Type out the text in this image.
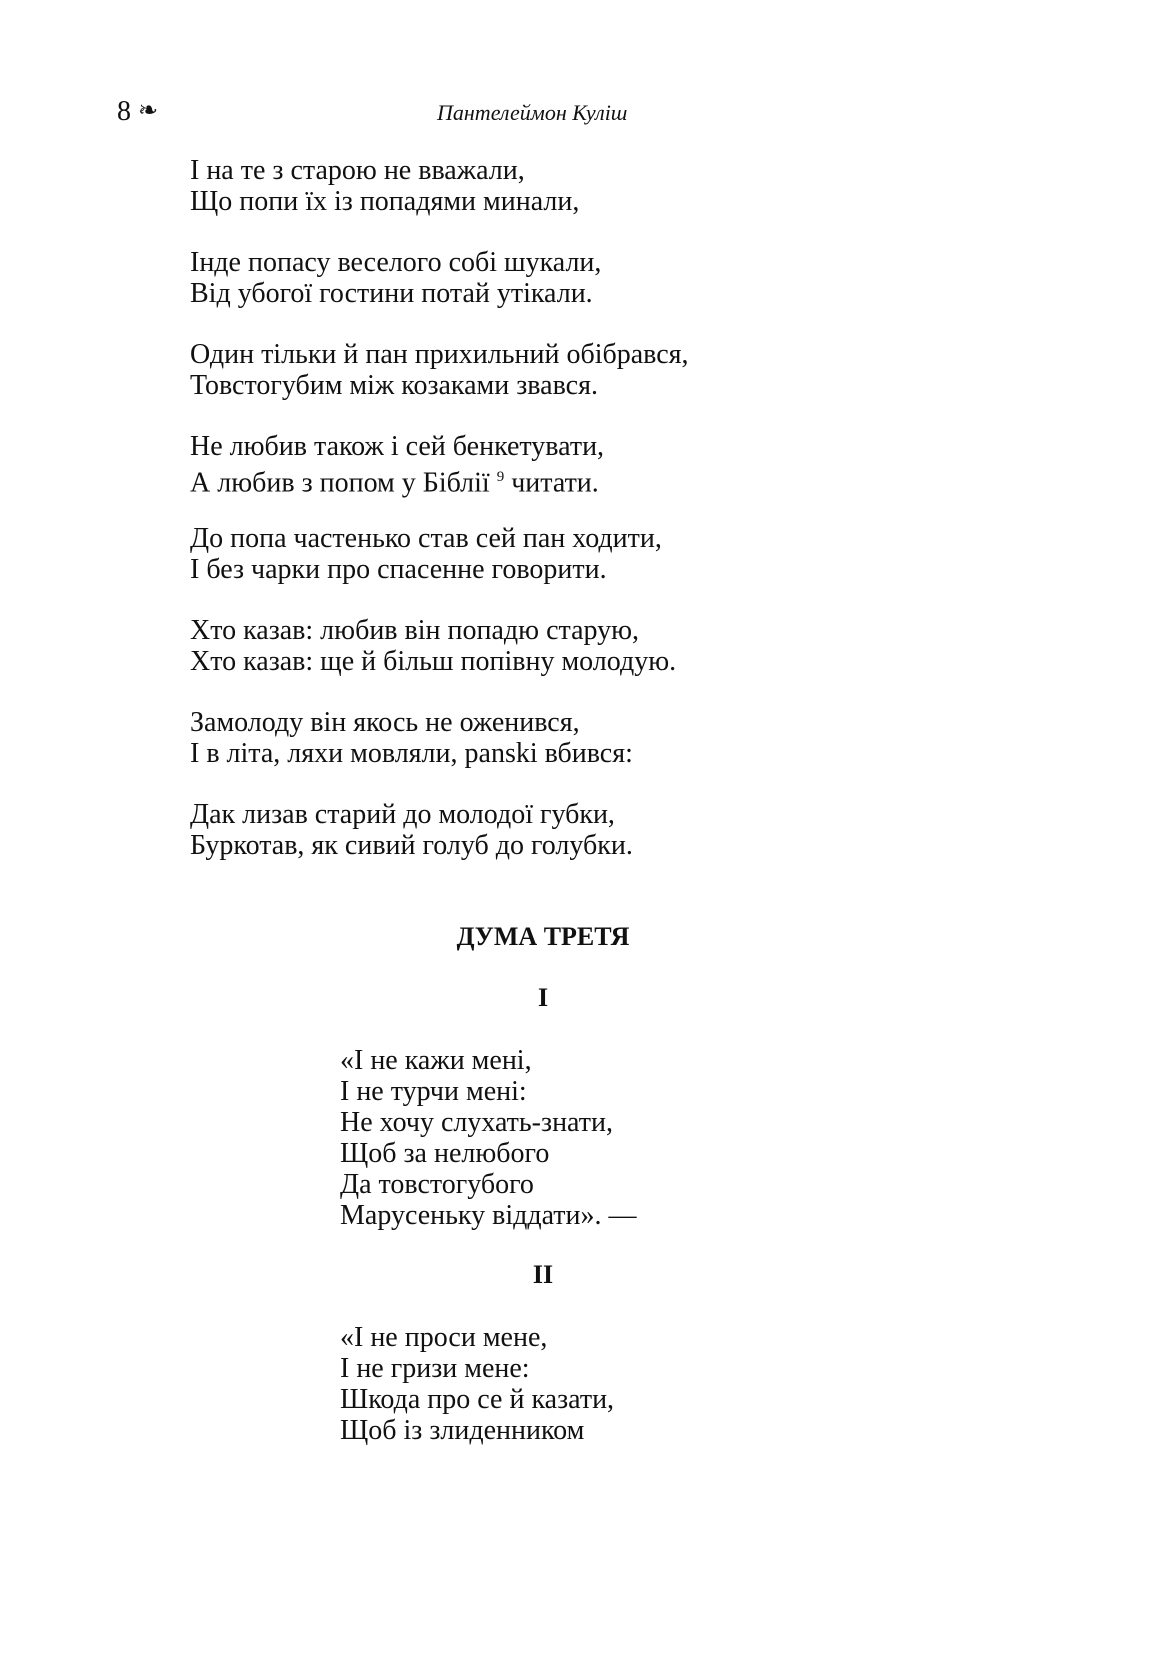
8 ❧	Пантелеймон Куліш
І на те з старою не вважали,
Що попи їх із попадями минали,
Інде попасу веселого собі шукали,
Від убогої гостини потай утікали.
Один тільки й пан прихильний обібрався,
Товстогубим між козаками звався.
Не любив також і сей бенкетувати,
А любив з попом у Біблії $^9$ читати.
До попа частенько став сей пан ходити,
І без чарки про спасенне говорити.
Хто казав: любив він попадю старую,
Хто казав: ще й більш попівну молодую.
Замолоду він якось не оженився,
І в літа, ляхи мовляли, panski вбився:
Дак лизав старий до молодої губки,
Буркотав, як сивий голуб до голубки.
ДУМА ТРЕТЯ
I
«І не кажи мені,
І не турчи мені:
Не хочу слухать-знати,
Щоб за нелюбого
Да товстогубого
Марусеньку віддати». —
II
«І не проси мене,
І не гризи мене:
Шкода про се й казати,
Щоб із злиденником
